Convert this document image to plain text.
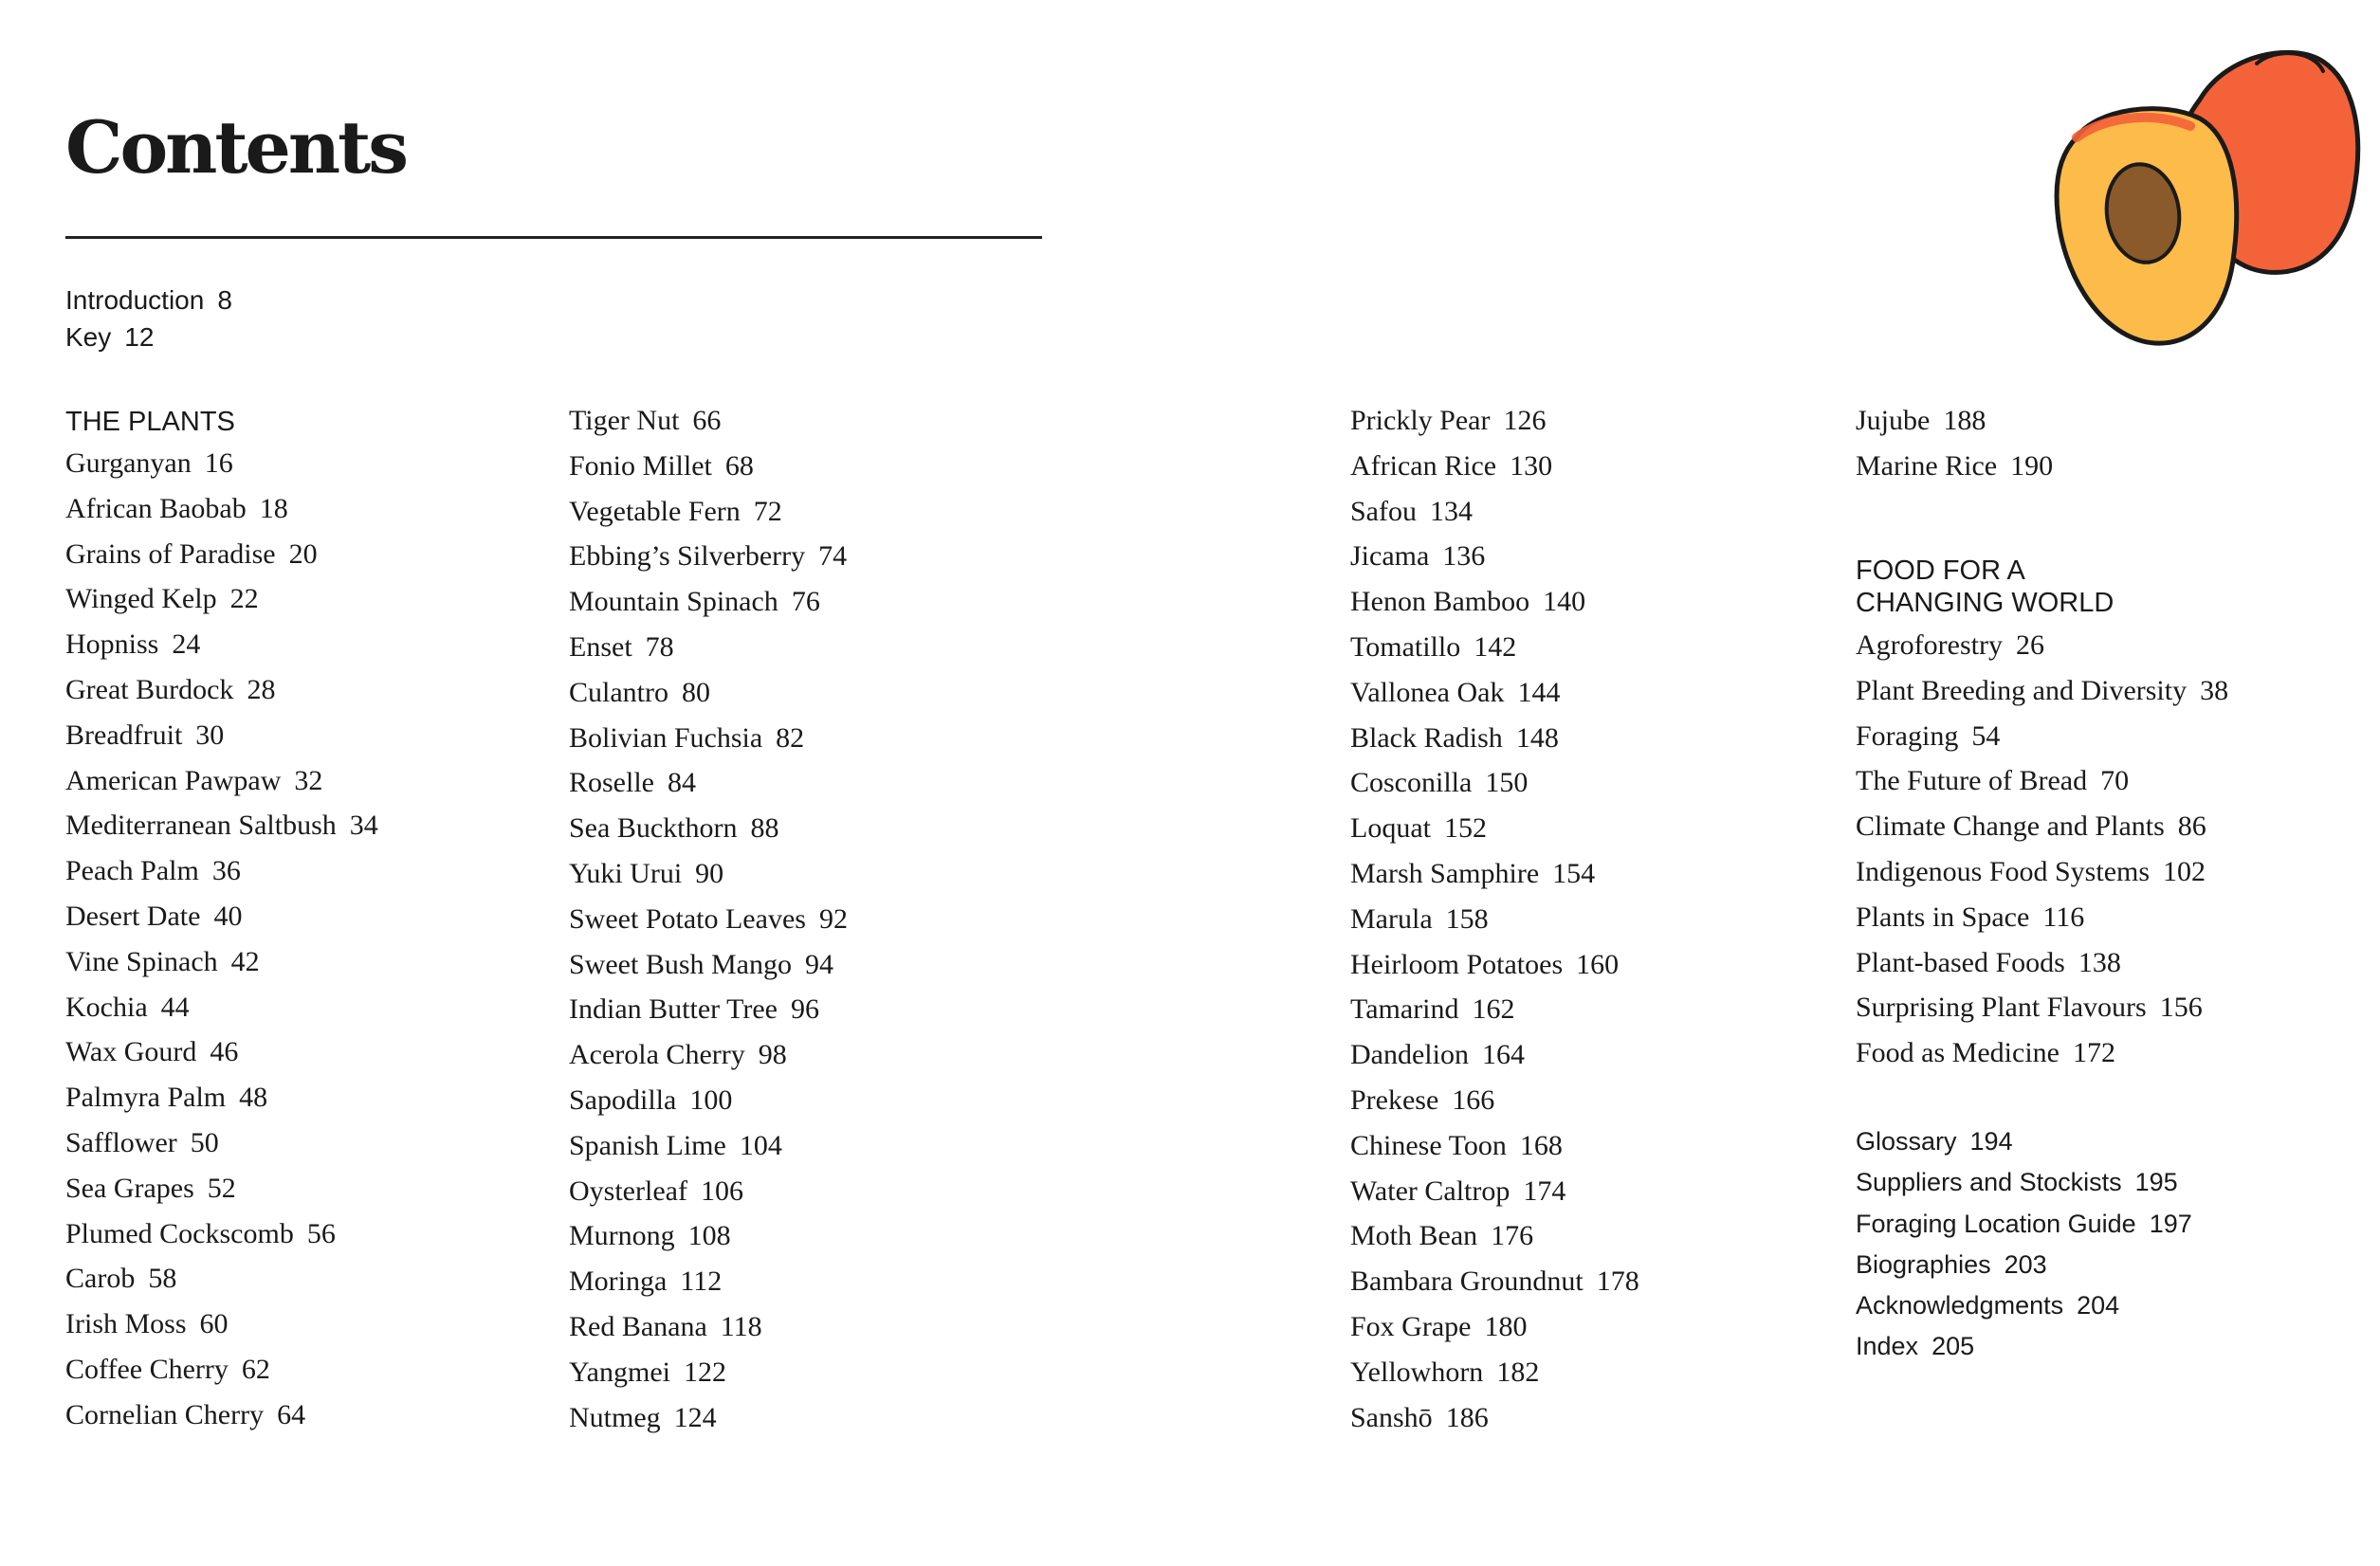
Contents
Introduction 8
Key 12
THE PLANTS
Gurganyan 16
African Baobab 18
Grains of Paradise 20
Winged Kelp 22
Hopniss 24
Great Burdock 28
Breadfruit 30
American Pawpaw 32
Mediterranean Saltbush 34
Peach Palm 36
Desert Date 40
Vine Spinach 42
Kochia 44
Wax Gourd 46
Palmyra Palm 48
Safflower 50
Sea Grapes 52
Plumed Cockscomb 56
Carob 58
Irish Moss 60
Coffee Cherry 62
Cornelian Cherry 64
Tiger Nut 66
Fonio Millet 68
Vegetable Fern 72
Ebbing’s Silverberry 74
Mountain Spinach 76
Enset 78
Culantro 80
Bolivian Fuchsia 82
Roselle 84
Sea Buckthorn 88
Yuki Urui 90
Sweet Potato Leaves 92
Sweet Bush Mango 94
Indian Butter Tree 96
Acerola Cherry 98
Sapodilla 100
Spanish Lime 104
Oysterleaf 106
Murnong 108
Moringa 112
Red Banana 118
Yangmei 122
Nutmeg 124
Prickly Pear 126
African Rice 130
Safou 134
Jicama 136
Henon Bamboo 140
Tomatillo 142
Vallonea Oak 144
Black Radish 148
Cosconilla 150
Loquat 152
Marsh Samphire 154
Marula 158
Heirloom Potatoes 160
Tamarind 162
Dandelion 164
Prekese 166
Chinese Toon 168
Water Caltrop 174
Moth Bean 176
Bambara Groundnut 178
Fox Grape 180
Yellowhorn 182
Sanshō 186
Jujube 188
Marine Rice 190
FOOD FOR A
CHANGING WORLD
Agroforestry 26
Plant Breeding and Diversity 38
Foraging 54
The Future of Bread 70
Climate Change and Plants 86
Indigenous Food Systems 102
Plants in Space 116
Plant-based Foods 138
Surprising Plant Flavours 156
Food as Medicine 172
Glossary 194
Suppliers and Stockists 195
Foraging Location Guide 197
Biographies 203
Acknowledgments 204
Index 205
